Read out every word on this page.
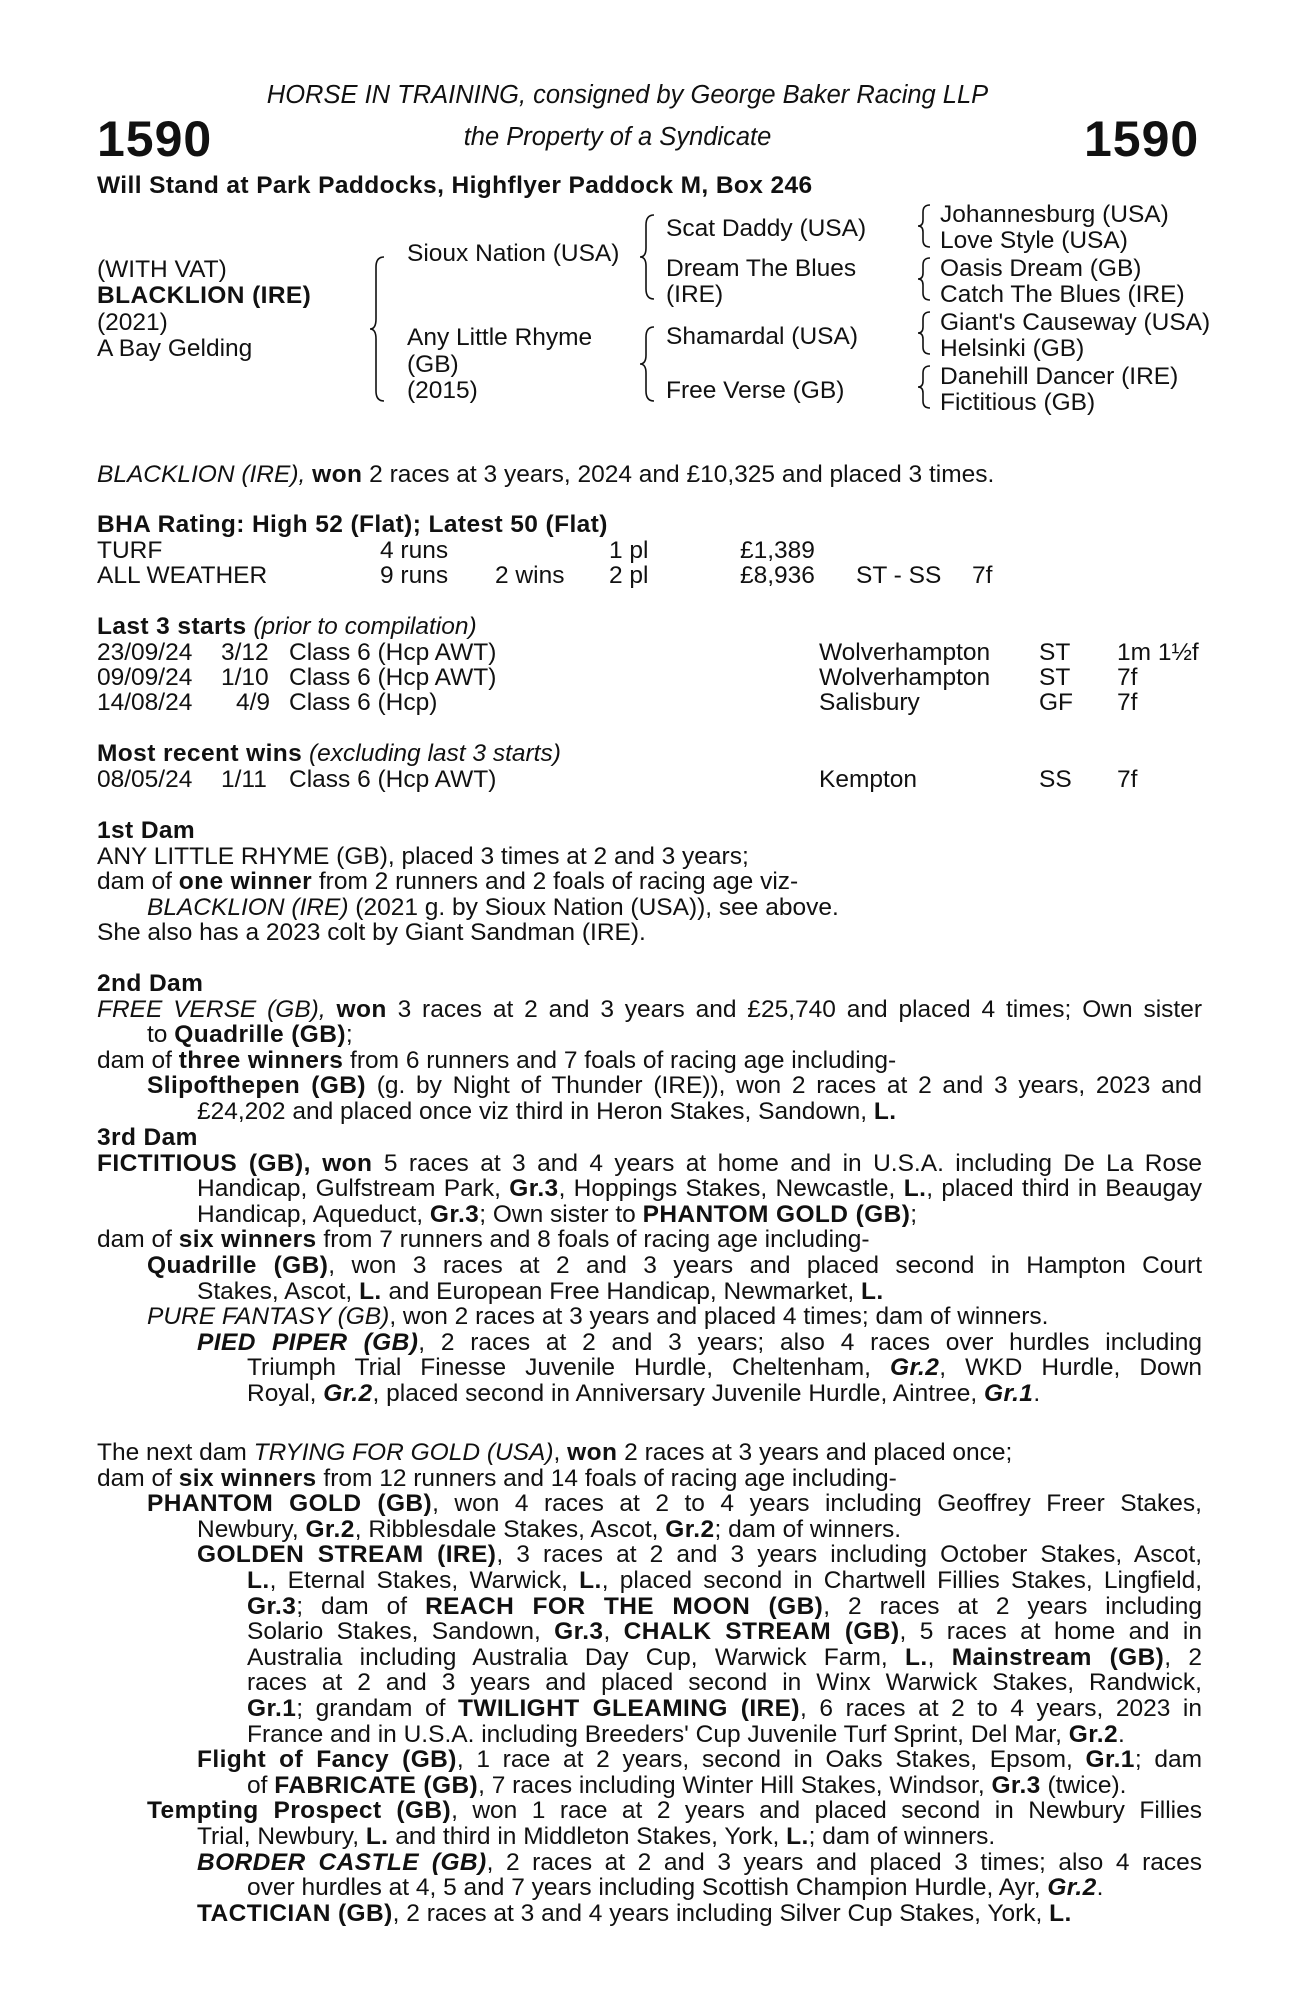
HORSE IN TRAINING, consigned by George Baker Racing LLP
the Property of a Syndicate
1590	1590
Will Stand at Park Paddocks, Highflyer Paddock M, Box 246
(WITH VAT)
BLACKLION (IRE)
(2021)
A Bay Gelding
Sioux Nation (USA)
Any Little Rhyme
(GB)
(2015)
Scat Daddy (USA)
Dream The Blues
(IRE)
Shamardal (USA)
Free Verse (GB)
Johannesburg (USA)
Love Style (USA)
Oasis Dream (GB)
Catch The Blues (IRE)
Giant's Causeway (USA)
Helsinki (GB)
Danehill Dancer (IRE)
Fictitious (GB)
BLACKLION (IRE), won 2 races at 3 years, 2024 and £10,325 and placed 3 times.
BHA Rating: High 52 (Flat); Latest 50 (Flat)
TURF	4 runs	1 pl	£1,389
ALL WEATHER	9 runs 2 wins 2 pl	£8,936 ST - SS 7f
Last 3 starts (prior to compilation)
23/09/24 3/12 Class 6 (Hcp AWT)	Wolverhampton ST 1m 1½f
09/09/24 1/10 Class 6 (Hcp AWT)	Wolverhampton ST 7f
14/08/24 4/9 Class 6 (Hcp)	Salisbury	GF 7f
Most recent wins (excluding last 3 starts)
08/05/24 1/11 Class 6 (Hcp AWT)	Kempton	SS 7f
1st Dam
ANY LITTLE RHYME (GB), placed 3 times at 2 and 3 years;
dam of one winner from 2 runners and 2 foals of racing age viz-
BLACKLION (IRE) (2021 g. by Sioux Nation (USA)), see above.
She also has a 2023 colt by Giant Sandman (IRE).
2nd Dam
FREE VERSE (GB), won 3 races at 2 and 3 years and £25,740 and placed 4 times; Own sister
to Quadrille (GB);
dam of three winners from 6 runners and 7 foals of racing age including-
Slipofthepen (GB) (g. by Night of Thunder (IRE)), won 2 races at 2 and 3 years, 2023 and
£24,202 and placed once viz third in Heron Stakes, Sandown, L.
3rd Dam
FICTITIOUS (GB), won 5 races at 3 and 4 years at home and in U.S.A. including De La Rose
Handicap, Gulfstream Park, Gr.3, Hoppings Stakes, Newcastle, L., placed third in Beaugay
Handicap, Aqueduct, Gr.3; Own sister to PHANTOM GOLD (GB);
dam of six winners from 7 runners and 8 foals of racing age including-
Quadrille (GB), won 3 races at 2 and 3 years and placed second in Hampton Court
Stakes, Ascot, L. and European Free Handicap, Newmarket, L.
PURE FANTASY (GB), won 2 races at 3 years and placed 4 times; dam of winners.
PIED PIPER (GB), 2 races at 2 and 3 years; also 4 races over hurdles including
Triumph Trial Finesse Juvenile Hurdle, Cheltenham, Gr.2, WKD Hurdle, Down
Royal, Gr.2, placed second in Anniversary Juvenile Hurdle, Aintree, Gr.1.
The next dam TRYING FOR GOLD (USA), won 2 races at 3 years and placed once;
dam of six winners from 12 runners and 14 foals of racing age including-
PHANTOM GOLD (GB), won 4 races at 2 to 4 years including Geoffrey Freer Stakes,
Newbury, Gr.2, Ribblesdale Stakes, Ascot, Gr.2; dam of winners.
GOLDEN STREAM (IRE), 3 races at 2 and 3 years including October Stakes, Ascot,
L., Eternal Stakes, Warwick, L., placed second in Chartwell Fillies Stakes, Lingfield,
Gr.3; dam of REACH FOR THE MOON (GB), 2 races at 2 years including
Solario Stakes, Sandown, Gr.3, CHALK STREAM (GB), 5 races at home and in
Australia including Australia Day Cup, Warwick Farm, L., Mainstream (GB), 2
races at 2 and 3 years and placed second in Winx Warwick Stakes, Randwick,
Gr.1; grandam of TWILIGHT GLEAMING (IRE), 6 races at 2 to 4 years, 2023 in
France and in U.S.A. including Breeders' Cup Juvenile Turf Sprint, Del Mar, Gr.2.
Flight of Fancy (GB), 1 race at 2 years, second in Oaks Stakes, Epsom, Gr.1; dam
of FABRICATE (GB), 7 races including Winter Hill Stakes, Windsor, Gr.3 (twice).
Tempting Prospect (GB), won 1 race at 2 years and placed second in Newbury Fillies
Trial, Newbury, L. and third in Middleton Stakes, York, L.; dam of winners.
BORDER CASTLE (GB), 2 races at 2 and 3 years and placed 3 times; also 4 races
over hurdles at 4, 5 and 7 years including Scottish Champion Hurdle, Ayr, Gr.2.
TACTICIAN (GB), 2 races at 3 and 4 years including Silver Cup Stakes, York, L.
